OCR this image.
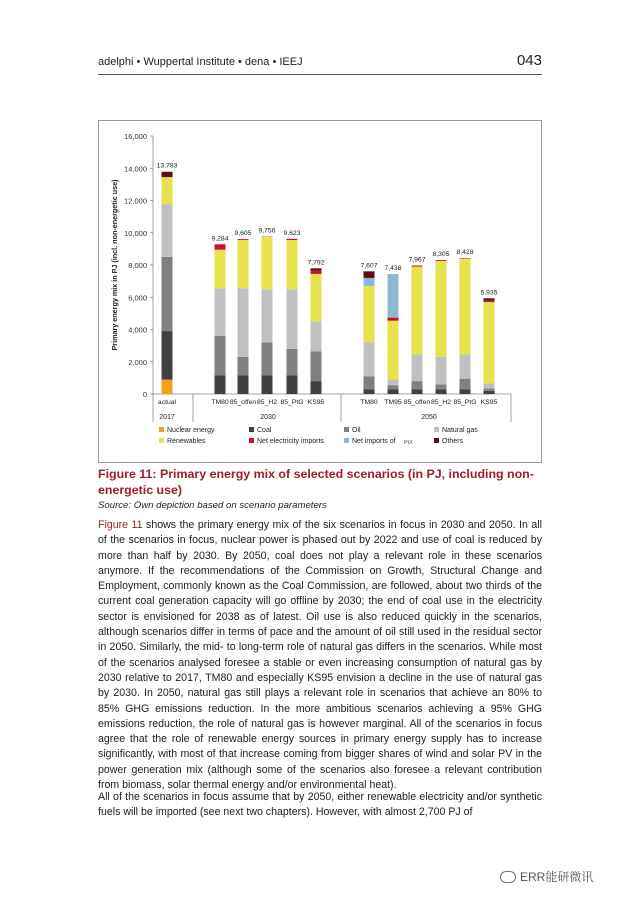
adelphi • Wuppertal Institute • dena • IEEJ	043
0
2,000
4,000
6,000
8,000
10,000
12,000
14,000
16,000
Primary energy mix in PJ (incl. non-energetic use)
13,783
actual
9,284
TM80
9,605
85_offen
9,756
85_H2
9,623
85_PtG
7,792
KS95
7,607
TM80
7,438
TM95
7,967
85_offen
8,305
85_H2
8,428
85_PtG
5,935
KS95
2017	2030	2050
Nuclear energy
Renewables
Coal
Net electricity imports
Oil
Net imports of
Natural gas
Others
PtX
Figure 11: Primary energy mix of selected scenarios (in PJ, including non-energetic use)
Source: Own depiction based on scenario parameters
Figure 11 shows the primary energy mix of the six scenarios in focus in 2030 and 2050. In all of the scenarios in focus, nuclear power is phased out by 2022 and use of coal is reduced by more than half by 2030. By 2050, coal does not play a relevant role in these scenarios anymore. If the recommendations of the Commission on Growth, Structural Change and Employment, commonly known as the Coal Commission, are followed, about two thirds of the current coal generation capacity will go offline by 2030; the end of coal use in the electricity sector is envisioned for 2038 as of latest. Oil use is also reduced quickly in the scenarios, although scenarios differ in terms of pace and the amount of oil still used in the residual sector in 2050. Similarly, the mid- to long-term role of natural gas differs in the scenarios. While most of the scenarios analysed foresee a stable or even increasing consumption of natural gas by 2030 relative to 2017, TM80 and especially KS95 envision a decline in the use of natural gas by 2030. In 2050, natural gas still plays a relevant role in scenarios that achieve an 80% to 85% GHG emissions reduction. In the more ambitious scenarios achieving a 95% GHG emissions reduction, the role of natural gas is however marginal. All of the scenarios in focus agree that the role of renewable energy sources in primary energy supply has to increase significantly, with most of that increase coming from bigger shares of wind and solar PV in the power generation mix (although some of the scenarios also foresee a relevant contribution from biomass, solar thermal energy and/or environmental heat).
All of the scenarios in focus assume that by 2050, either renewable electricity and/or synthetic fuels will be imported (see next two chapters). However, with almost 2,700 PJ of
ERR能研微讯
